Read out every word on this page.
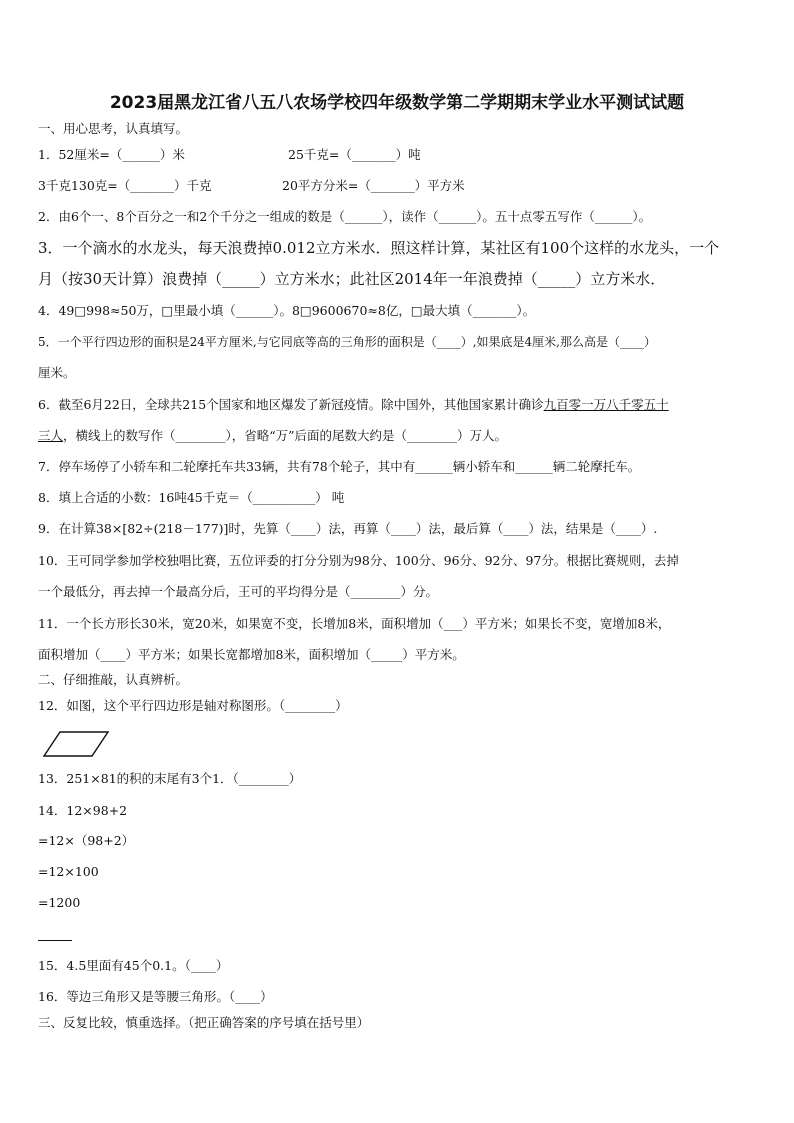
2023届黑龙江省八五八农场学校四年级数学第二学期期末学业水平测试试题
一、用心思考，认真填写。
1．52厘米=（______）米	25千克=（_______）吨
3千克130克=（_______）千克	20平方分米=（_______）平方米
2．由6个一、8个百分之一和2个千分之一组成的数是（______），读作（______）。五十点零五写作（______）。
3．一个滴水的水龙头，每天浪费掉0.012立方米水．照这样计算，某社区有100个这样的水龙头，一个
月（按30天计算）浪费掉（_____）立方米水；此社区2014年一年浪费掉（_____）立方米水．
4．49□998≈50万，□里最小填（______）。8□9600670≈8亿，□最大填（_______）。
5．一个平行四边形的面积是24平方厘米,与它同底等高的三角形的面积是（____）,如果底是4厘米,那么高是（____）
厘米。
6．截至6月22日，全球共215个国家和地区爆发了新冠疫情。除中国外，其他国家累计确诊九百零一万八千零五十
三人，横线上的数写作（________），省略“万”后面的尾数大约是（________）万人。
7．停车场停了小轿车和二轮摩托车共33辆，共有78个轮子，其中有______辆小轿车和______辆二轮摩托车。
8．填上合适的小数：16吨45千克＝（__________） 吨
9．在计算38×[82÷(218－177)]时，先算（____）法，再算（____）法，最后算（____）法，结果是（____）.
10．王可同学参加学校独唱比赛，五位评委的打分分别为98分、100分、96分、92分、97分。根据比赛规则，去掉
一个最低分，再去掉一个最高分后，王可的平均得分是（________）分。
11．一个长方形长30米，宽20米，如果宽不变，长增加8米，面积增加（___）平方米；如果长不变，宽增加8米，
面积增加（____）平方米；如果长宽都增加8米，面积增加（_____）平方米。
二、仔细推敲，认真辨析。
12．如图，这个平行四边形是轴对称图形。（________）
13．251×81的积的末尾有3个1．（________）
14．12×98+2
=12×（98+2）
=12×100
=1200
15．4.5里面有45个0.1。（____）
16．等边三角形又是等腰三角形。（____）
三、反复比较，慎重选择。（把正确答案的序号填在括号里）
